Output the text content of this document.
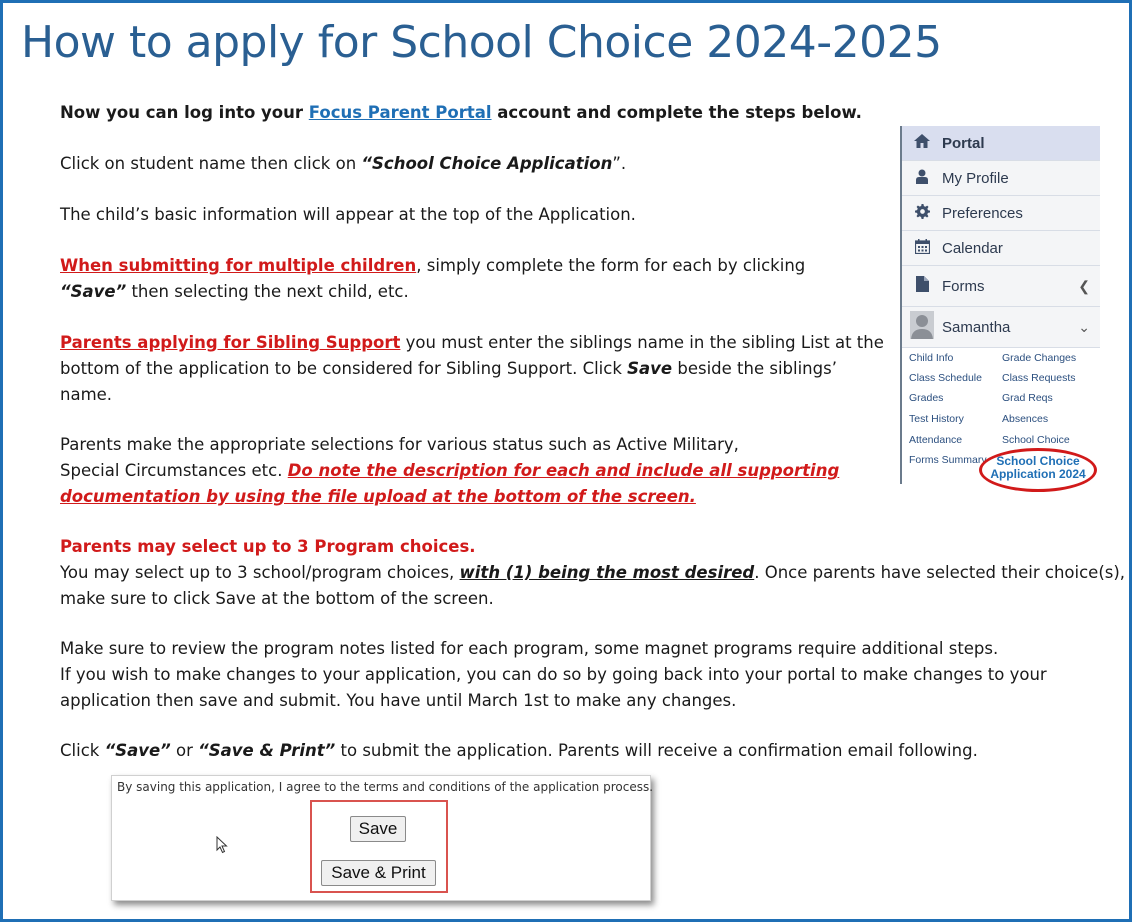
How to apply for School Choice 2024-2025
Now you can log into your Focus Parent Portal account and complete the steps below.
Click on student name then click on “School Choice Application”.
The child’s basic information will appear at the top of the Application.
When submitting for multiple children, simply complete the form for each by clicking
“Save” then selecting the next child, etc.
Parents applying for Sibling Support you must enter the siblings name in the sibling List at the
bottom of the application to be considered for Sibling Support. Click Save beside the siblings’
name.
Parents make the appropriate selections for various status such as Active Military,
Special Circumstances etc. Do note the description for each and include all supporting
documentation by using the file upload at the bottom of the screen.
Parents may select up to 3 Program choices.
You may select up to 3 school/program choices, with (1) being the most desired. Once parents have selected their choice(s),
make sure to click Save at the bottom of the screen.
Make sure to review the program notes listed for each program, some magnet programs require additional steps.
If you wish to make changes to your application, you can do so by going back into your portal to make changes to your
application then save and submit. You have until March 1st to make any changes.
Click “Save” or “Save & Print” to submit the application. Parents will receive a confirmation email following.
Portal
My Profile
Preferences
Calendar
Forms	❮
Samantha	⌄
Child Info
Class Schedule
Grades
Test History
Attendance
Forms Summary
Grade Changes
Class Requests
Grad Reqs
Absences
School Choice
School Choice
Application 2024
By saving this application, I agree to the terms and conditions of the application process.
Save
Save & Print
